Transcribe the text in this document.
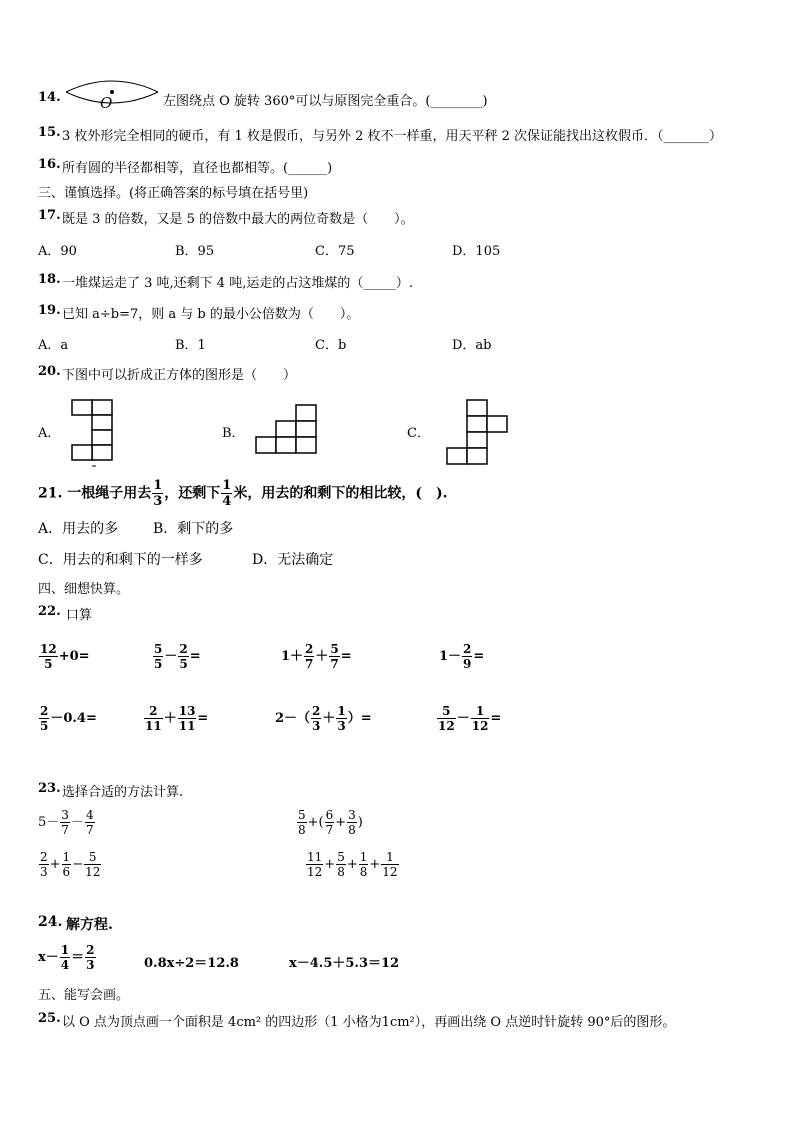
14.	O	左图绕点 O 旋转 360°可以与原图完全重合。(________)
15. 3 枚外形完全相同的硬币，有 1 枚是假币，与另外 2 枚不一样重，用天平秤 2 次保证能找出这枚假币．（_______）
16. 所有圆的半径都相等，直径也都相等。(______)
三、谨慎选择。(将正确答案的标号填在括号里)
17. 既是 3 的倍数，又是 5 的倍数中最大的两位奇数是（　　）。
A．90	B．95	C．75	D．105
18. 一堆煤运走了 3 吨,还剩下 4 吨,运走的占这堆煤的（_____）.
19. 已知 a÷b=7，则 a 与 b 的最小公倍数为（　　）。
A．a	B．1	C．b	D．ab
20. 下图中可以折成正方体的图形是（　　）
A．	B．	C．
21. 一根绳子用去 $\frac{1}{3}$ ，还剩下 $\frac{1}{4}$ 米，用去的和剩下的相比较，(　).
A．用去的多 B．剩下的多
C．用去的和剩下的一样多	D．无法确定
四、细想快算。
22. 口算
$\frac{12}{5} +0=$	$\frac{5}{5} - \frac{2}{5}$ =	$1+ \frac{2}{7} + \frac{5}{7}$ =	$1- \frac{2}{9}$ =
$\frac{2}{5} -0.4=$	$\frac{2}{11} + \frac{13}{11}$ =	$2-( \frac{2}{3} + \frac{1}{3}$ ）=	$\frac{5}{12} - \frac{1}{12}$ =
23. 选择合适的方法计算.
$5- \frac{3}{7} - \frac{4}{7}$	$\frac{5}{8}$ +( $\frac{6}{7} + \frac{3}{8}$ )
$\frac{2}{3} + \frac{1}{6} - \frac{5}{12}$	$\frac{11}{12} + \frac{5}{8} + \frac{1}{8} + \frac{1}{12}$
24. 解方程.
$x- \frac{1}{4} = \frac{2}{3}$	0.8x÷2＝12.8	x－4.5＋5.3＝12
五、能写会画。
25. 以 O 点为顶点画一个面积是 4cm² 的四边形（1 小格为1cm²），再画出绕 O 点逆时针旋转 90°后的图形。
